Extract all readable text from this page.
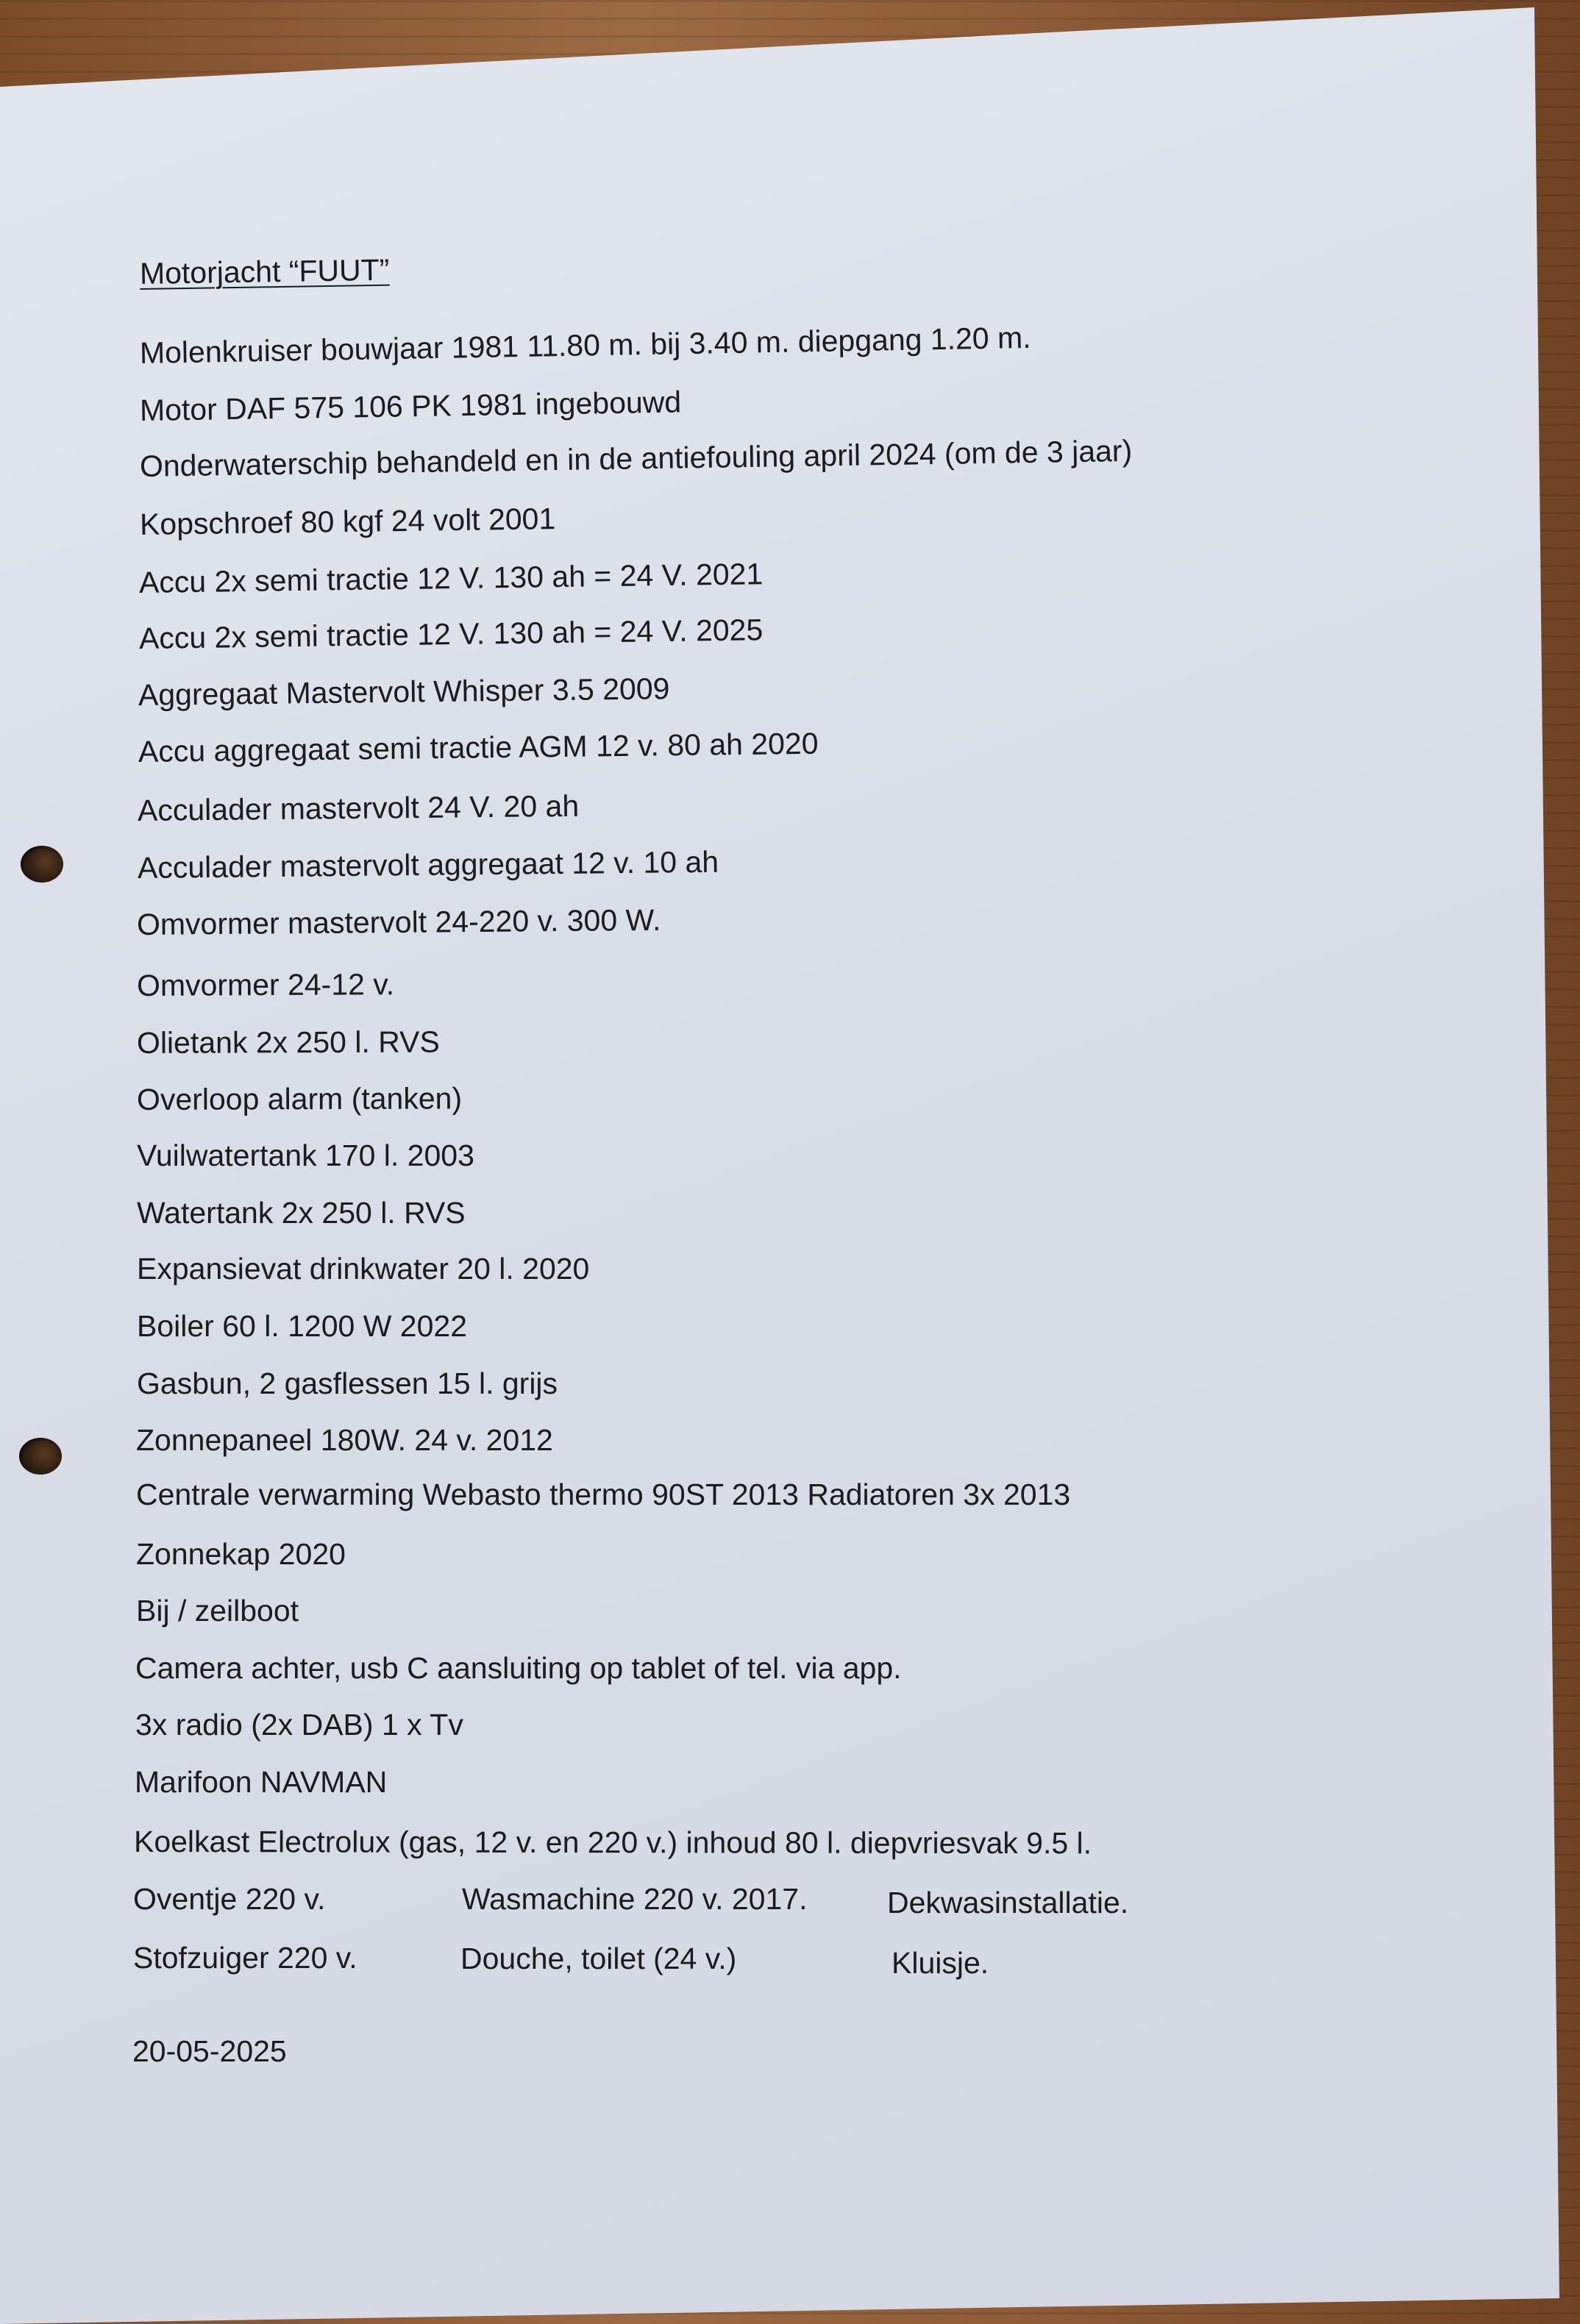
Motorjacht “FUUT”
Molenkruiser bouwjaar 1981 11.80 m. bij 3.40 m. diepgang 1.20 m.
Motor DAF 575 106 PK 1981 ingebouwd
Onderwaterschip behandeld en in de antiefouling april 2024 (om de 3 jaar)
Kopschroef 80 kgf 24 volt 2001
Accu 2x semi tractie 12 V. 130 ah = 24 V. 2021
Accu 2x semi tractie 12 V. 130 ah = 24 V. 2025
Aggregaat Mastervolt Whisper 3.5 2009
Accu aggregaat semi tractie AGM 12 v. 80 ah 2020
Acculader mastervolt 24 V. 20 ah
Acculader mastervolt aggregaat 12 v. 10 ah
Omvormer mastervolt 24-220 v. 300 W.
Omvormer 24-12 v.
Olietank 2x 250 l. RVS
Overloop alarm (tanken)
Vuilwatertank 170 l. 2003
Watertank 2x 250 l. RVS
Expansievat drinkwater 20 l. 2020
Boiler 60 l. 1200 W 2022
Gasbun, 2 gasflessen 15 l. grijs
Zonnepaneel 180W. 24 v. 2012
Centrale verwarming Webasto thermo 90ST 2013 Radiatoren 3x 2013
Zonnekap 2020
Bij / zeilboot
Camera achter, usb C aansluiting op tablet of tel. via app.
3x radio (2x DAB) 1 x Tv
Marifoon NAVMAN
Koelkast Electrolux (gas, 12 v. en 220 v.) inhoud 80 l. diepvriesvak 9.5 l.
Oventje 220 v.	Wasmachine 220 v. 2017.	Dekwasinstallatie.
Stofzuiger 220 v.	Douche, toilet (24 v.)	Kluisje.
20-05-2025
